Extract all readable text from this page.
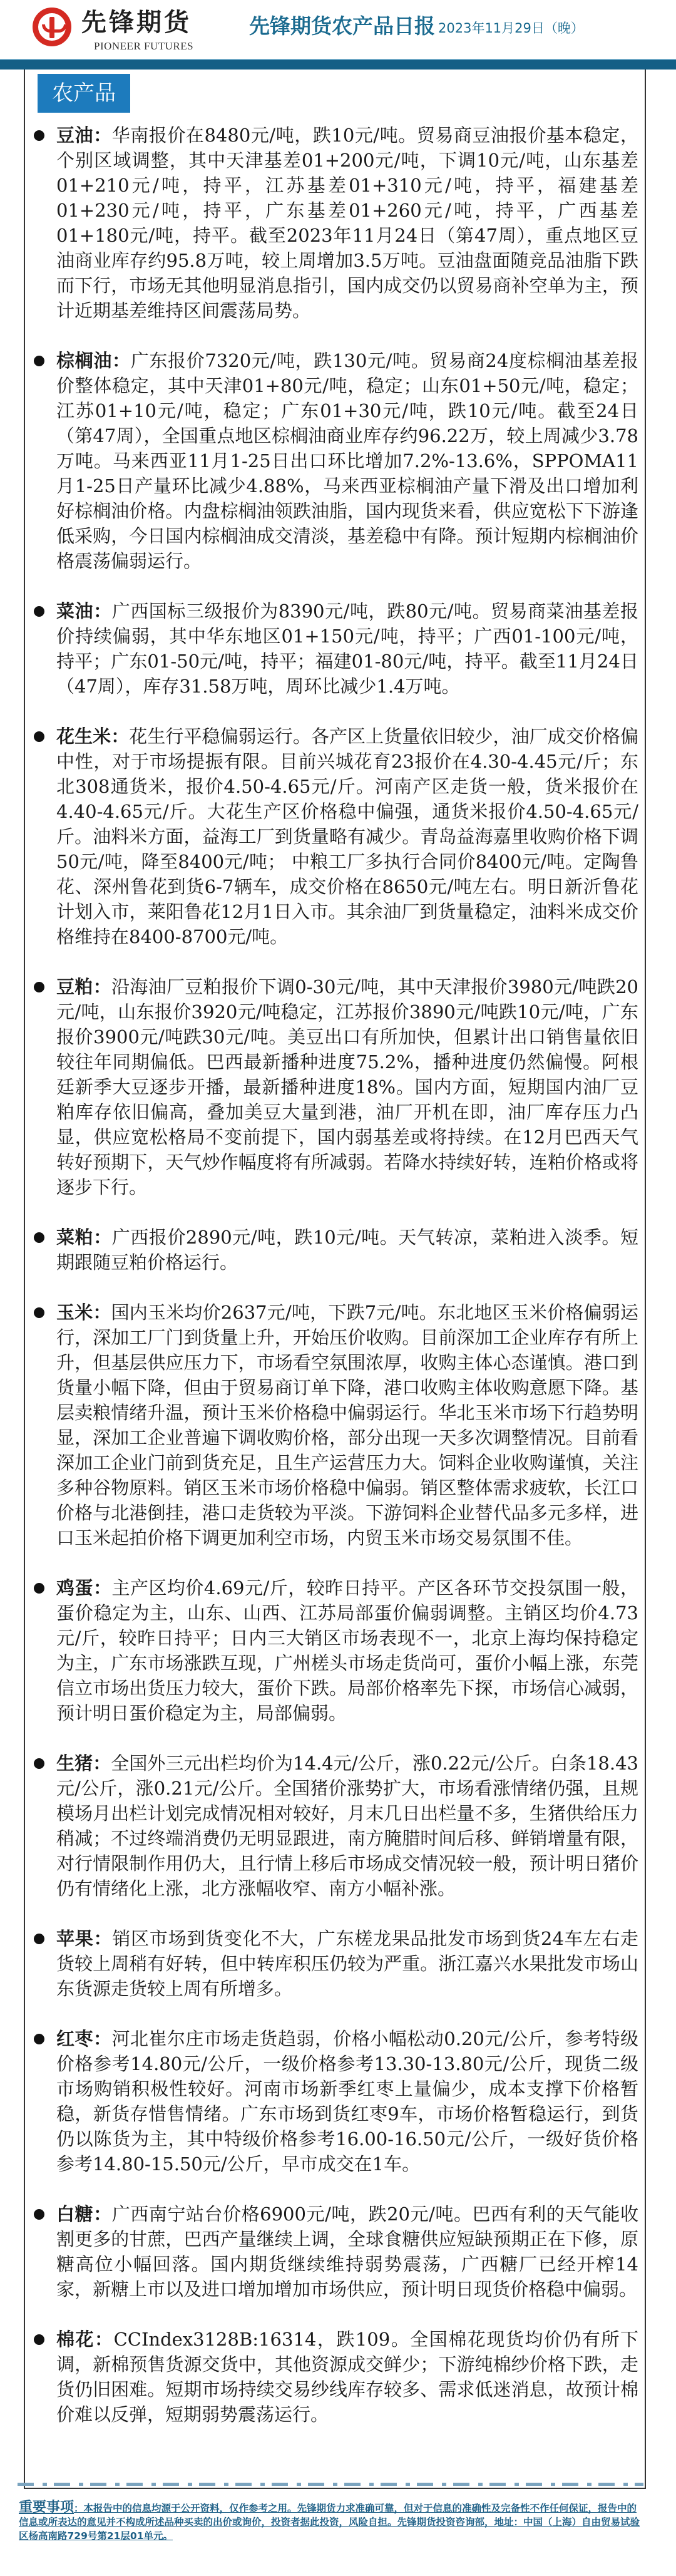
先锋期货
PIONEER FUTURES
先锋期货农产品日报 2023年11月29日（晚）
农产品
豆油：华南报价在8480元/吨，跌10元/吨。贸易商豆油报价基本稳定，个别区域调整，其中天津基差01+200元/吨，下调10元/吨，山东基差01+210元/吨，持平，江苏基差01+310元/吨，持平，福建基差01+230元/吨，持平，广东基差01+260元/吨，持平，广西基差01+180元/吨，持平。截至2023年11月24日（第47周），重点地区豆油商业库存约95.8万吨，较上周增加3.5万吨。豆油盘面随竞品油脂下跌而下行，市场无其他明显消息指引，国内成交仍以贸易商补空单为主，预计近期基差维持区间震荡局势。
棕榈油：广东报价7320元/吨，跌130元/吨。贸易商24度棕榈油基差报价整体稳定，其中天津01+80元/吨，稳定；山东01+50元/吨，稳定；江苏01+10元/吨，稳定；广东01+30元/吨，跌10元/吨。截至24日（第47周），全国重点地区棕榈油商业库存约96.22万，较上周减少3.78万吨。马来西亚11月1-25日出口环比增加7.2%-13.6%，SPPOMA11月1-25日产量环比减少4.88%，马来西亚棕榈油产量下滑及出口增加利好棕榈油价格。内盘棕榈油领跌油脂，国内现货来看，供应宽松下下游逢低采购，今日国内棕榈油成交清淡，基差稳中有降。预计短期内棕榈油价格震荡偏弱运行。
菜油：广西国标三级报价为8390元/吨，跌80元/吨。贸易商菜油基差报价持续偏弱，其中华东地区01+150元/吨，持平；广西01-100元/吨，持平；广东01-50元/吨，持平；福建01-80元/吨，持平。截至11月24日（47周），库存31.58万吨，周环比减少1.4万吨。
花生米：花生行平稳偏弱运行。各产区上货量依旧较少，油厂成交价格偏中性，对于市场提振有限。目前兴城花育23报价在4.30-4.45元/斤；东北308通货米，报价4.50-4.65元/斤。河南产区走货一般，货米报价在4.40-4.65元/斤。大花生产区价格稳中偏强，通货米报价4.50-4.65元/斤。油料米方面，益海工厂到货量略有减少。青岛益海嘉里收购价格下调50元/吨，降至8400元/吨； 中粮工厂多执行合同价8400元/吨。定陶鲁花、深州鲁花到货6-7辆车，成交价格在8650元/吨左右。明日新沂鲁花计划入市，莱阳鲁花12月1日入市。其余油厂到货量稳定，油料米成交价格维持在8400-8700元/吨。
豆粕：沿海油厂豆粕报价下调0-30元/吨，其中天津报价3980元/吨跌20元/吨，山东报价3920元/吨稳定，江苏报价3890元/吨跌10元/吨，广东报价3900元/吨跌30元/吨。美豆出口有所加快，但累计出口销售量依旧较往年同期偏低。巴西最新播种进度75.2%，播种进度仍然偏慢。阿根廷新季大豆逐步开播，最新播种进度18%。国内方面，短期国内油厂豆粕库存依旧偏高，叠加美豆大量到港，油厂开机在即，油厂库存压力凸显，供应宽松格局不变前提下，国内弱基差或将持续。在12月巴西天气转好预期下，天气炒作幅度将有所减弱。若降水持续好转，连粕价格或将逐步下行。
菜粕：广西报价2890元/吨，跌10元/吨。天气转凉，菜粕进入淡季。短期跟随豆粕价格运行。
玉米：国内玉米均价2637元/吨，下跌7元/吨。东北地区玉米价格偏弱运行，深加工厂门到货量上升，开始压价收购。目前深加工企业库存有所上升，但基层供应压力下，市场看空氛围浓厚，收购主体心态谨慎。港口到货量小幅下降，但由于贸易商订单下降，港口收购主体收购意愿下降。基层卖粮情绪升温，预计玉米价格稳中偏弱运行。华北玉米市场下行趋势明显，深加工企业普遍下调收购价格，部分出现一天多次调整情况。目前看深加工企业门前到货充足，且生产运营压力大。饲料企业收购谨慎，关注多种谷物原料。销区玉米市场价格稳中偏弱。销区整体需求疲软，长江口价格与北港倒挂，港口走货较为平淡。下游饲料企业替代品多元多样，进口玉米起拍价格下调更加利空市场，内贸玉米市场交易氛围不佳。
鸡蛋：主产区均价4.69元/斤，较昨日持平。产区各环节交投氛围一般，蛋价稳定为主，山东、山西、江苏局部蛋价偏弱调整。主销区均价4.73元/斤，较昨日持平；日内三大销区市场表现不一，北京上海均保持稳定为主，广东市场涨跌互现，广州槎头市场走货尚可，蛋价小幅上涨，东莞信立市场出货压力较大，蛋价下跌。局部价格率先下探，市场信心减弱，预计明日蛋价稳定为主，局部偏弱。
生猪：全国外三元出栏均价为14.4元/公斤，涨0.22元/公斤。白条18.43元/公斤，涨0.21元/公斤。全国猪价涨势扩大，市场看涨情绪仍强，且规模场月出栏计划完成情况相对较好，月末几日出栏量不多，生猪供给压力稍减；不过终端消费仍无明显跟进，南方腌腊时间后移、鲜销增量有限，对行情限制作用仍大，且行情上移后市场成交情况较一般，预计明日猪价仍有情绪化上涨，北方涨幅收窄、南方小幅补涨。
苹果：销区市场到货变化不大，广东槎龙果品批发市场到货24车左右走货较上周稍有好转，但中转库积压仍较为严重。浙江嘉兴水果批发市场山东货源走货较上周有所增多。
红枣：河北崔尔庄市场走货趋弱，价格小幅松动0.20元/公斤，参考特级价格参考14.80元/公斤，一级价格参考13.30-13.80元/公斤，现货二级市场购销积极性较好。河南市场新季红枣上量偏少，成本支撑下价格暂稳，新货存惜售情绪。广东市场到货红枣9车，市场价格暂稳运行，到货仍以陈货为主，其中特级价格参考16.00-16.50元/公斤，一级好货价格参考14.80-15.50元/公斤，早市成交在1车。
白糖：广西南宁站台价格6900元/吨，跌20元/吨。巴西有利的天气能收割更多的甘蔗，巴西产量继续上调，全球食糖供应短缺预期正在下修，原糖高位小幅回落。国内期货继续维持弱势震荡，广西糖厂已经开榨14家，新糖上市以及进口增加增加市场供应，预计明日现货价格稳中偏弱。
棉花：CCIndex3128B:16314，跌109。全国棉花现货均价仍有所下调，新棉预售货源交货中，其他资源成交鲜少；下游纯棉纱价格下跌，走货仍旧困难。短期市场持续交易纱线库存较多、需求低迷消息，故预计棉价难以反弹，短期弱势震荡运行。
重要事项：本报告中的信息均源于公开资料，仅作参考之用。先锋期货力求准确可靠，但对于信息的准确性及完备性不作任何保证，报告中的信息或所表达的意见并不构成所述品种买卖的出价或询价，投资者据此投资，风险自担。先锋期货投资咨询部，地址：中国（上海）自由贸易试验区杨高南路729号第21层01单元。
